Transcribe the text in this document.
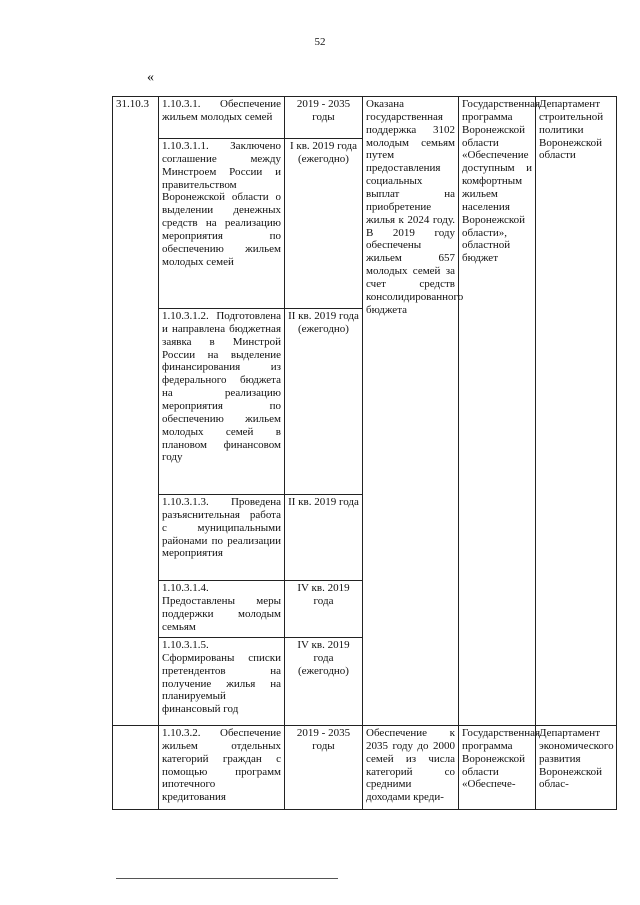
52
«
31.10.3	1.10.3.1. Обеспечение жильем молодых семей	2019 - 2035 годы	Оказана государственная поддержка 3102 молодым семьям путем предоставления социальных выплат на приобретение жилья к 2024 году. В 2019 году обеспечены жильем 657 молодых семей за счет средств консолидированного бюджета	Государственная программа Воронежской области «Обеспечение доступным и комфортным жильем населения Воронежской области», областной бюджет	Департамент строительной политики Воронежской области
	1.10.3.1.1. Заключено соглашение между Минстроем России и правительством Воронежской области о выделении денежных средств на реализацию мероприятия по обеспечению жильем молодых семей	I кв. 2019 года (ежегодно)			
	1.10.3.1.2. Подготовлена и направлена бюджетная заявка в Минстрой России на выделение финансирования из федерального бюджета на реализацию мероприятия по обеспечению жильем молодых семей в плановом финансовом году	II кв. 2019 года (ежегодно)			
	1.10.3.1.3. Проведена разъяснительная работа с муниципальными районами по реализации мероприятия	II кв. 2019 года			
	1.10.3.1.4. Предоставлены меры поддержки молодым семьям	IV кв. 2019 года			
	1.10.3.1.5. Сформированы списки претендентов на получение жилья на планируемый финансовый год	IV кв. 2019 года (ежегодно)			
	1.10.3.2. Обеспечение жильем отдельных категорий граждан с помощью программ ипотечного кредитования	2019 - 2035 годы	Обеспечение к 2035 году до 2000 семей из числа категорий со средними доходами креди-	Государственная программа Воронежской области «Обеспече-	Департамент экономического развития Воронежской облас-
